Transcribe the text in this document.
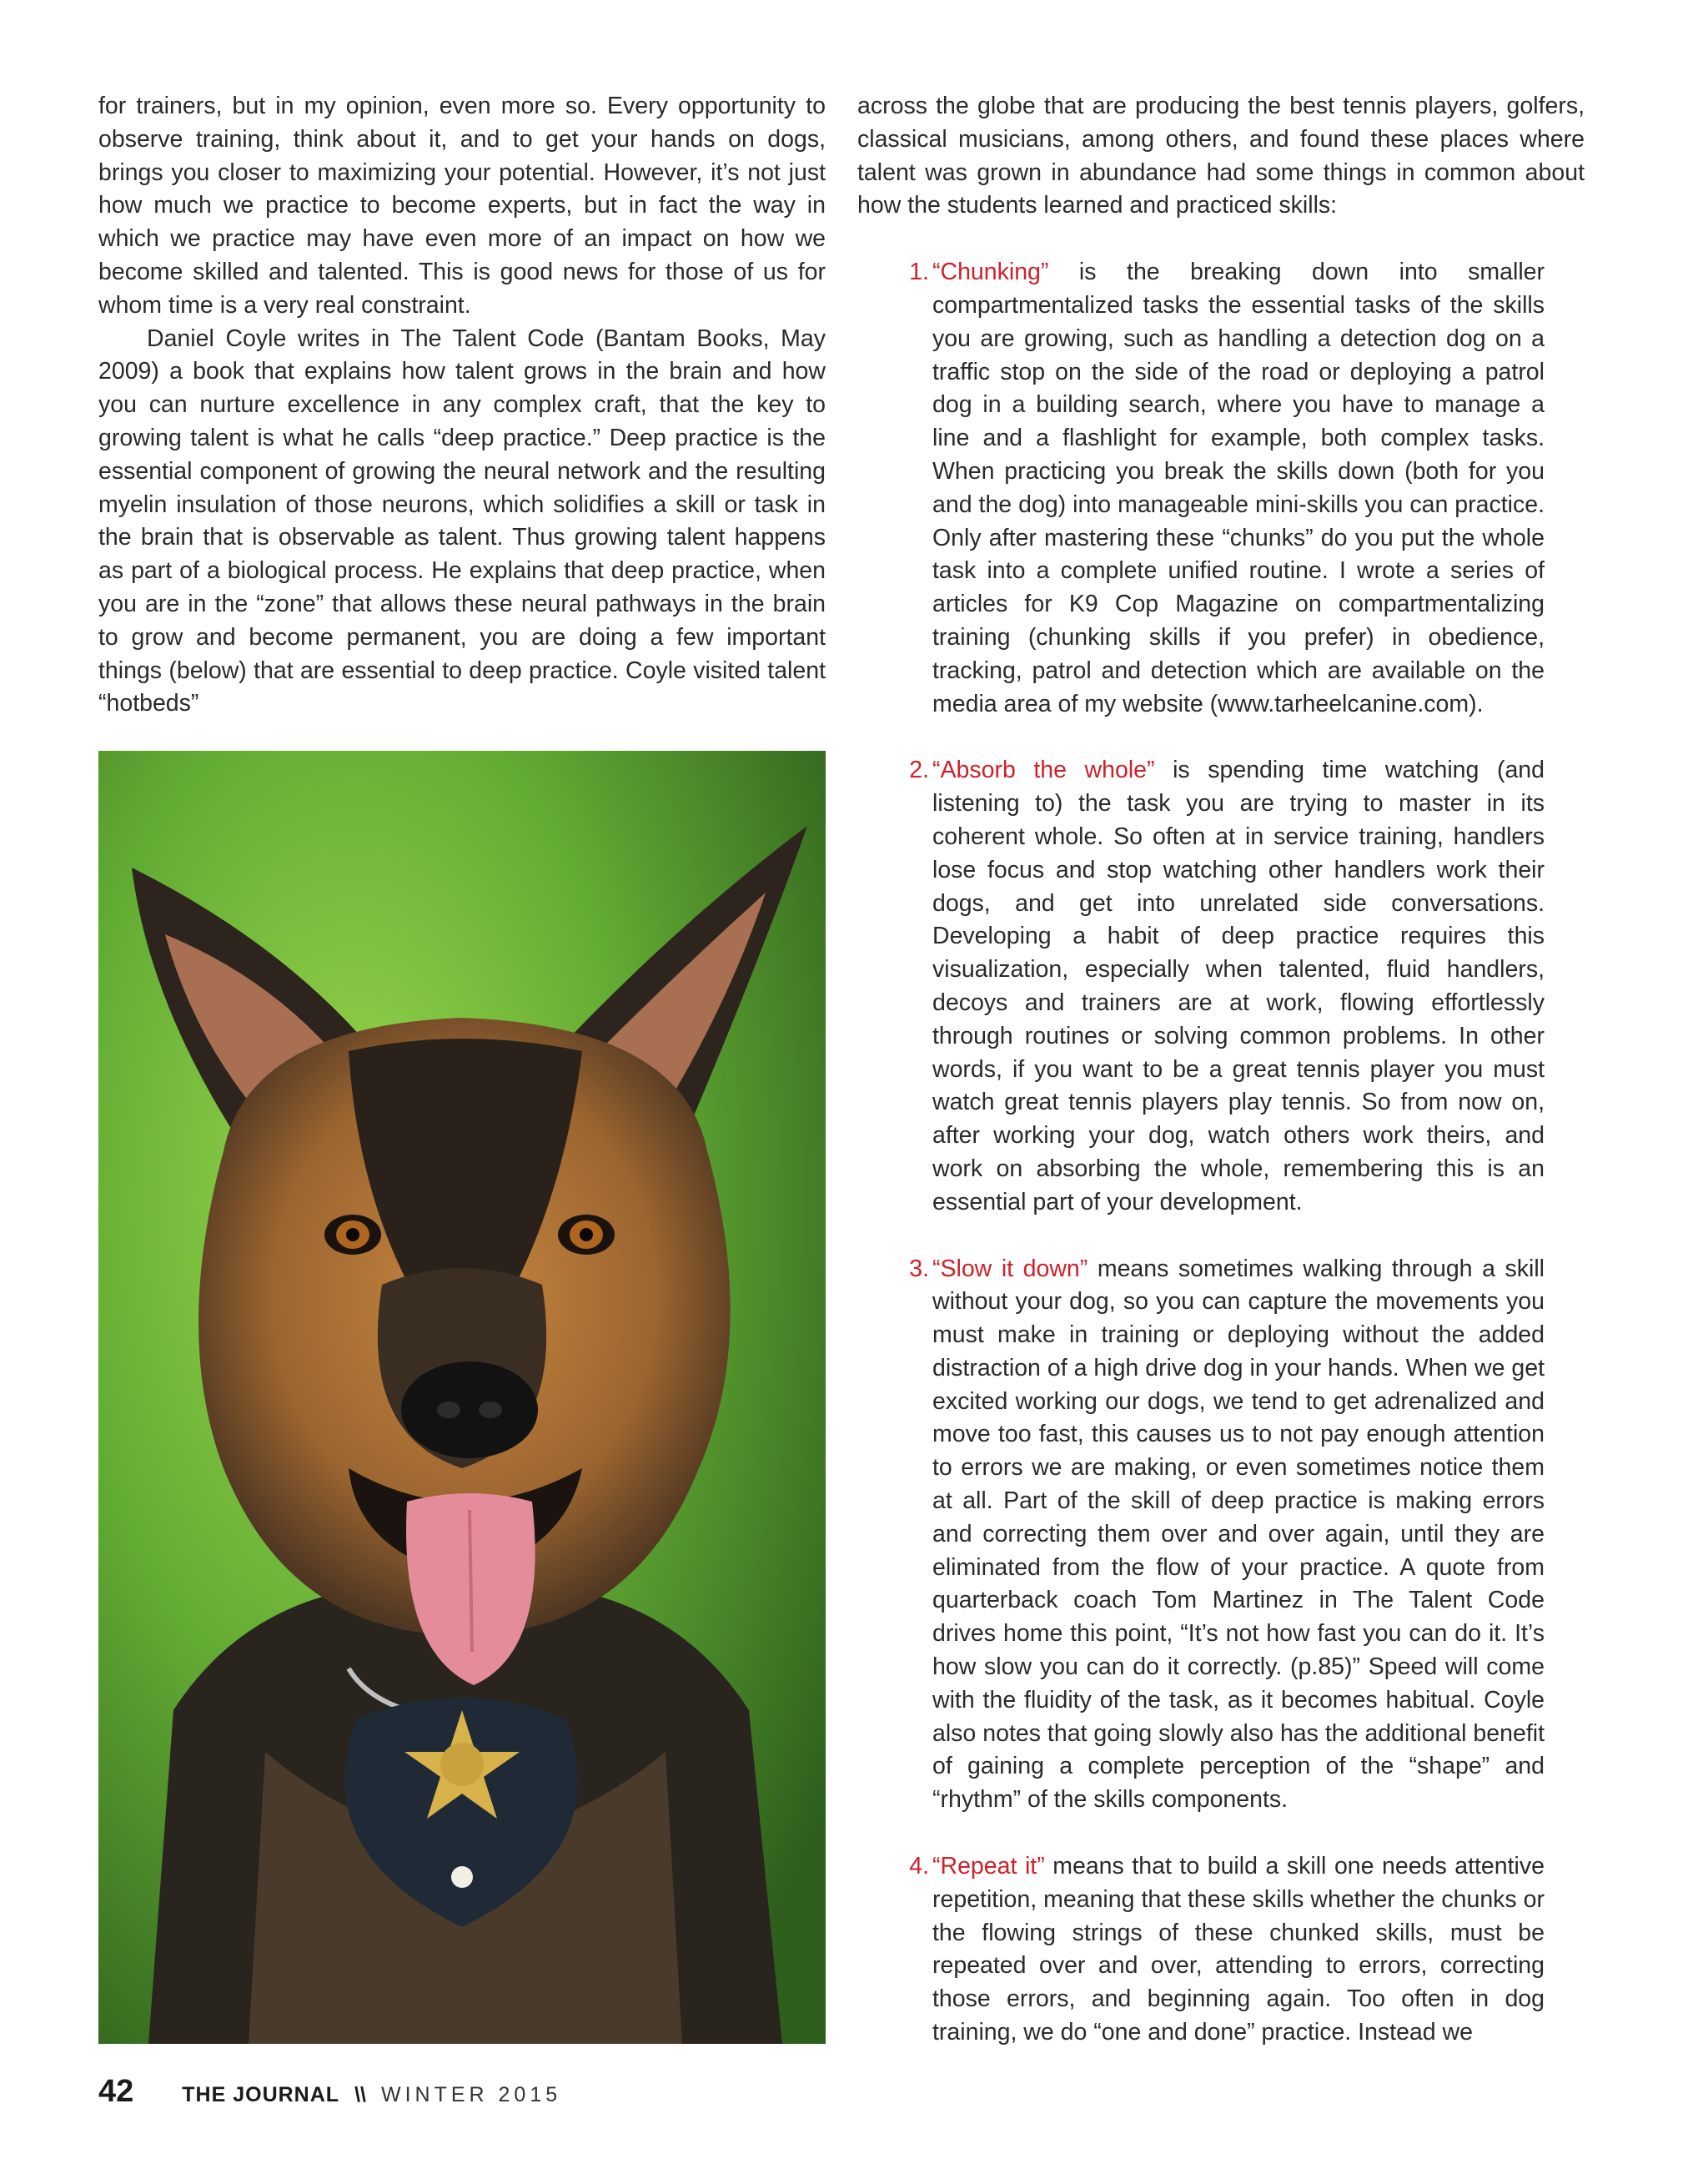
for trainers, but in my opinion, even more so. Every opportunity to observe training, think about it, and to get your hands on dogs, brings you closer to maximizing your potential. However, it’s not just how much we practice to become experts, but in fact the way in which we practice may have even more of an impact on how we become skilled and talented. This is good news for those of us for whom time is a very real constraint.

Daniel Coyle writes in The Talent Code (Bantam Books, May 2009) a book that explains how talent grows in the brain and how you can nurture excellence in any complex craft, that the key to growing talent is what he calls “deep practice.” Deep practice is the essential component of growing the neural network and the resulting myelin insulation of those neurons, which solidifies a skill or task in the brain that is observable as talent. Thus growing talent happens as part of a biological process. He explains that deep practice, when you are in the “zone” that allows these neural pathways in the brain to grow and become permanent, you are doing a few important things (below) that are essential to deep practice. Coyle visited talent “hotbeds”

across the globe that are producing the best tennis players, golfers, classical musicians, among others, and found these places where talent was grown in abundance had some things in common about how the students learned and practiced skills:

1. “Chunking” is the breaking down into smaller compartmentalized tasks the essential tasks of the skills you are growing, such as handling a detection dog on a traffic stop on the side of the road or deploying a patrol dog in a building search, where you have to manage a line and a flashlight for example, both complex tasks. When practicing you break the skills down (both for you and the dog) into manageable mini-skills you can practice. Only after mastering these “chunks” do you put the whole task into a complete unified routine. I wrote a series of articles for K9 Cop Magazine on compartmentalizing training (chunking skills if you prefer) in obedience, tracking, patrol and detection which are available on the media area of my website (www.tarheelcanine.com).
2. “Absorb the whole” is spending time watching (and listening to) the task you are trying to master in its coherent whole. So often at in service training, handlers lose focus and stop watching other handlers work their dogs, and get into unrelated side conversations. Developing a habit of deep practice requires this visualization, especially when talented, fluid handlers, decoys and trainers are at work, flowing effortlessly through routines or solving common problems. In other words, if you want to be a great tennis player you must watch great tennis players play tennis. So from now on, after working your dog, watch others work theirs, and work on absorbing the whole, remembering this is an essential part of your development.
3. “Slow it down” means sometimes walking through a skill without your dog, so you can capture the movements you must make in training or deploying without the added distraction of a high drive dog in your hands. When we get excited working our dogs, we tend to get adrenalized and move too fast, this causes us to not pay enough attention to errors we are making, or even sometimes notice them at all. Part of the skill of deep practice is making errors and correcting them over and over again, until they are eliminated from the flow of your practice. A quote from quarterback coach Tom Martinez in The Talent Code drives home this point, “It’s not how fast you can do it. It’s how slow you can do it correctly. (p.85)” Speed will come with the fluidity of the task, as it becomes habitual. Coyle also notes that going slowly also has the additional benefit of gaining a complete perception of the “shape” and “rhythm” of the skills components.
4. “Repeat it” means that to build a skill one needs attentive repetition, meaning that these skills whether the chunks or the flowing strings of these chunked skills, must be repeated over and over, attending to errors, correcting those errors, and beginning again. Too often in dog training, we do “one and done” practice. Instead we
42 THE JOURNAL \\ WINTER 2015
